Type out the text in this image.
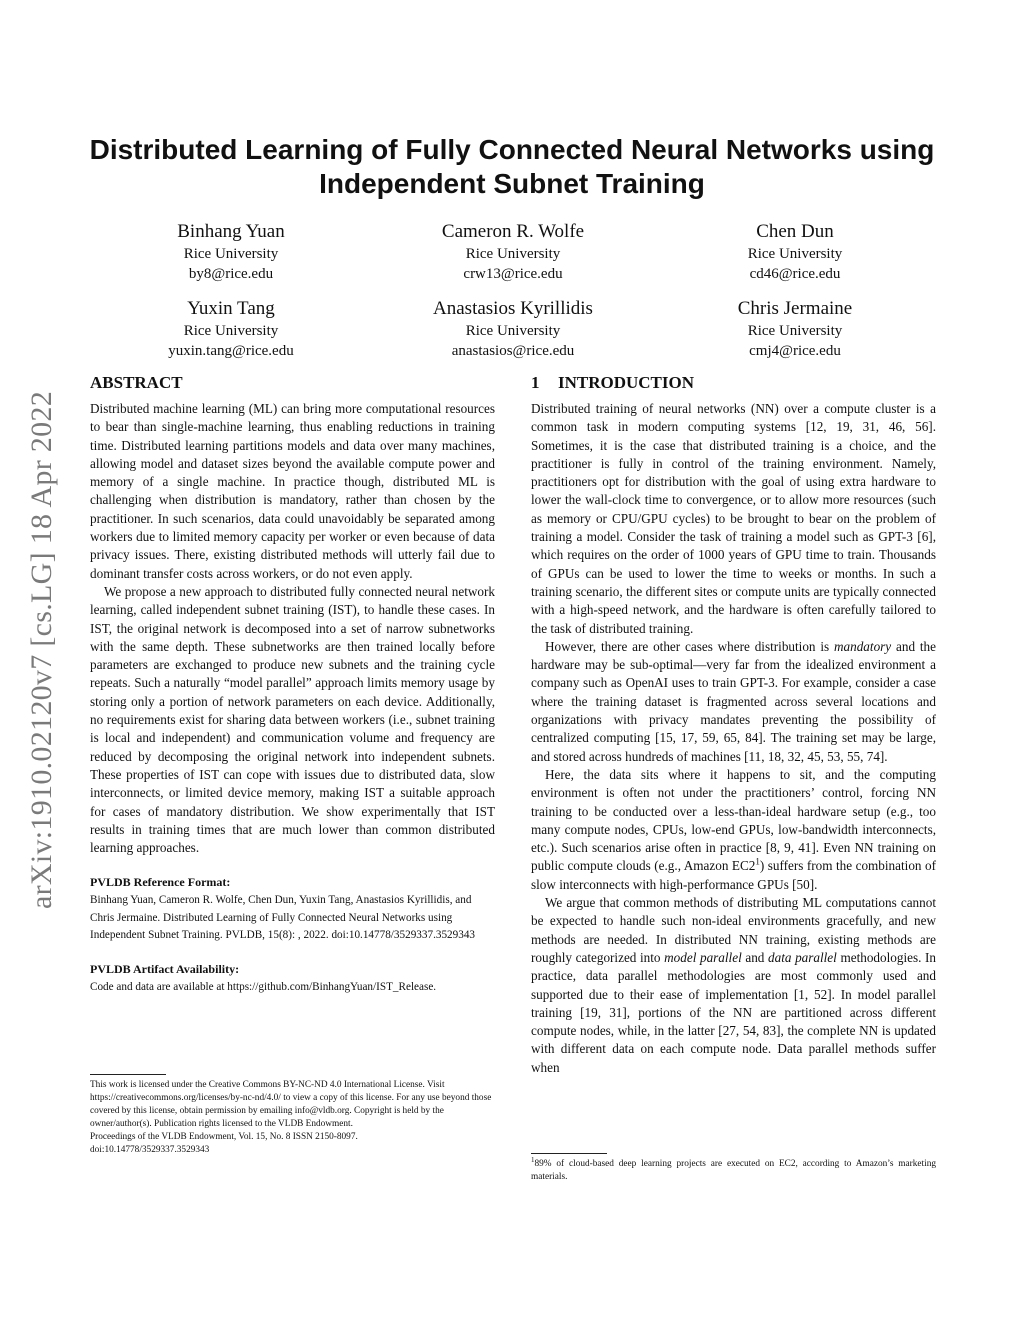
arXiv:1910.02120v7 [cs.LG] 18 Apr 2022
Distributed Learning of Fully Connected Neural Networks using
Independent Subnet Training
Binhang Yuan
Rice University
by8@rice.edu
Cameron R. Wolfe
Rice University
crw13@rice.edu
Chen Dun
Rice University
cd46@rice.edu
Yuxin Tang
Rice University
yuxin.tang@rice.edu
Anastasios Kyrillidis
Rice University
anastasios@rice.edu
Chris Jermaine
Rice University
cmj4@rice.edu
ABSTRACT

Distributed machine learning (ML) can bring more computational resources to bear than single-machine learning, thus enabling reductions in training time. Distributed learning partitions models and data over many machines, allowing model and dataset sizes beyond the available compute power and memory of a single machine. In practice though, distributed ML is challenging when distribution is mandatory, rather than chosen by the practitioner. In such scenarios, data could unavoidably be separated among workers due to limited memory capacity per worker or even because of data privacy issues. There, existing distributed methods will utterly fail due to dominant transfer costs across workers, or do not even apply.

We propose a new approach to distributed fully connected neural network learning, called independent subnet training (IST), to handle these cases. In IST, the original network is decomposed into a set of narrow subnetworks with the same depth. These subnetworks are then trained locally before parameters are exchanged to produce new subnets and the training cycle repeats. Such a naturally “model parallel” approach limits memory usage by storing only a portion of network parameters on each device. Additionally, no requirements exist for sharing data between workers (i.e., subnet training is local and independent) and communication volume and frequency are reduced by decomposing the original network into independent subnets. These properties of IST can cope with issues due to distributed data, slow interconnects, or limited device memory, making IST a suitable approach for cases of mandatory distribution. We show experimentally that IST results in training times that are much lower than common distributed learning approaches.

PVLDB Reference Format:

Binhang Yuan, Cameron R. Wolfe, Chen Dun, Yuxin Tang, Anastasios Kyrillidis, and Chris Jermaine. Distributed Learning of Fully Connected Neural Networks using Independent Subnet Training. PVLDB, 15(8): , 2022. doi:10.14778/3529337.3529343

PVLDB Artifact Availability:

Code and data are available at https://github.com/BinhangYuan/IST_Release.

This work is licensed under the Creative Commons BY-NC-ND 4.0 International License. Visit https://creativecommons.org/licenses/by-nc-nd/4.0/ to view a copy of this license. For any use beyond those covered by this license, obtain permission by emailing info@vldb.org. Copyright is held by the owner/author(s). Publication rights licensed to the VLDB Endowment.

Proceedings of the VLDB Endowment, Vol. 15, No. 8 ISSN 2150-8097.

doi:10.14778/3529337.3529343

1 INTRODUCTION

Distributed training of neural networks (NN) over a compute cluster is a common task in modern computing systems [12, 19, 31, 46, 56]. Sometimes, it is the case that distributed training is a choice, and the practitioner is fully in control of the training environment. Namely, practitioners opt for distribution with the goal of using extra hardware to lower the wall-clock time to convergence, or to allow more resources (such as memory or CPU/GPU cycles) to be brought to bear on the problem of training a model. Consider the task of training a model such as GPT-3 [6], which requires on the order of 1000 years of GPU time to train. Thousands of GPUs can be used to lower the time to weeks or months. In such a training scenario, the different sites or compute units are typically connected with a high-speed network, and the hardware is often carefully tailored to the task of distributed training.

However, there are other cases where distribution is mandatory and the hardware may be sub-optimal—very far from the idealized environment a company such as OpenAI uses to train GPT-3. For example, consider a case where the training dataset is fragmented across several locations and organizations with privacy mandates preventing the possibility of centralized computing [15, 17, 59, 65, 84]. The training set may be large, and stored across hundreds of machines [11, 18, 32, 45, 53, 55, 74].

Here, the data sits where it happens to sit, and the computing environment is often not under the practitioners’ control, forcing NN training to be conducted over a less-than-ideal hardware setup (e.g., too many compute nodes, CPUs, low-end GPUs, low-bandwidth interconnects, etc.). Such scenarios arise often in practice [8, 9, 41]. Even NN training on public compute clouds (e.g., Amazon $EC2^1$) suffers from the combination of slow interconnects with high-performance GPUs [50].

We argue that common methods of distributing ML computations cannot be expected to handle such non-ideal environments gracefully, and new methods are needed. In distributed NN training, existing methods are roughly categorized into model parallel and data parallel methodologies. In practice, data parallel methodologies are most commonly used and supported due to their ease of implementation [1, 52]. In model parallel training [19, 31], portions of the NN are partitioned across different compute nodes, while, in the latter [27, 54, 83], the complete NN is updated with different data on each compute node. Data parallel methods suffer when

$^1$89% of cloud-based deep learning projects are executed on EC2, according to Amazon’s marketing materials.
